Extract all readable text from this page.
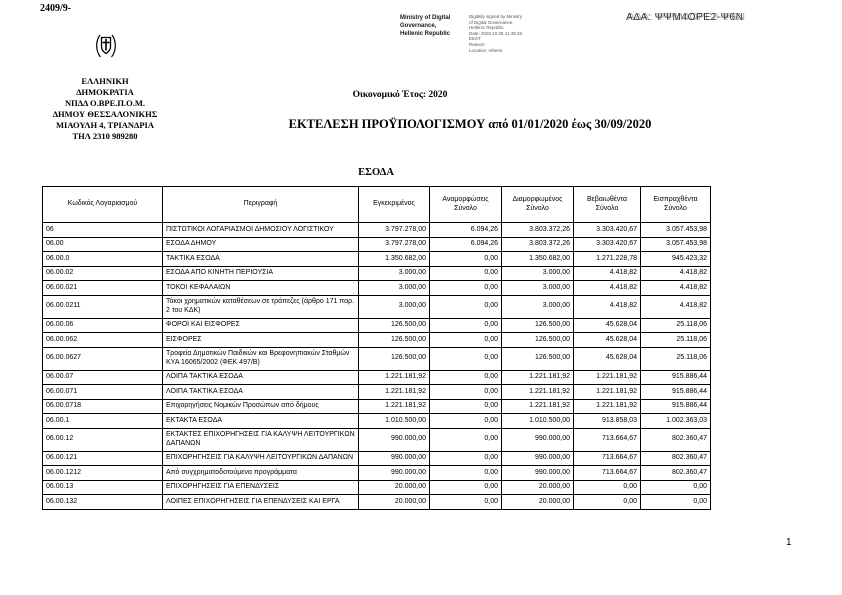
2409/9-
ΑΔΑ: ΨΨΜ4ΟΡΕ2-Ψ6Ν
Ministry of Digital
Governance,
Hellenic Republic
Digitally signed by Ministry
of Digital Governance,
Hellenic Republic
Date: 2020.10.05 11:48:33
EEST
Reason:
Location: Athens
ΕΛΛΗΝΙΚΗ
ΔΗΜΟΚΡΑΤΙΑ
ΝΠΔΔ Ο.ΒΡΕ.Π.Ο.Μ.
ΔΗΜΟΥ ΘΕΣΣΑΛΟΝΙΚΗΣ
ΜΙΑΟΥΛΗ 4, ΤΡΙΑΝΔΡΙΑ
ΤΗΛ 2310 989280
Οικονομικό Έτος: 2020
ΕΚΤΕΛΕΣΗ ΠΡΟΫΠΟΛΟΓΙΣΜΟΥ από 01/01/2020 έως 30/09/2020
ΕΣΟΔΑ
Κωδικός Λογαριασμού	Περιγραφή	Εγκεκριμένος	Αναμορφώσεις Σύνολο	Διαμορφωμένος Σύνολο	Βεβαιωθέντα Σύνολο	Εισπραχθέντα Σύνολο
06	ΠΙΣΤΩΤΙΚΟΙ ΛΟΓΑΡΙΑΣΜΟΙ ΔΗΜΟΣΙΟΥ ΛΟΓΙΣΤΙΚΟΥ	3.797.278,00	6.094,26	3.803.372,26	3.303.420,67	3.057.453,98
06.00	ΕΣΟΔΑ ΔΗΜΟΥ	3.797.278,00	6.094,26	3.803.372,26	3.303.420,67	3.057.453,98
06.00.0	ΤΑΚΤΙΚΑ ΕΣΟΔΑ	1.350.682,00	0,00	1.350.682,00	1.271.228,78	945.423,32
06.00.02	ΕΣΟΔΑ ΑΠΟ ΚΙΝΗΤΗ ΠΕΡΙΟΥΣΙΑ	3.000,00	0,00	3.000,00	4.418,82	4.418,82
06.00.021	ΤΟΚΟΙ ΚΕΦΑΛΑΙΩΝ	3.000,00	0,00	3.000,00	4.418,82	4.418,82
06.00.0211	Τόκοι χρηματικών καταθέσεων σε τράπεζες (άρθρο 171 παρ. 2 του ΚΔΚ)	3.000,00	0,00	3.000,00	4.418,82	4.418,82
06.00.06	ΦΟΡΟΙ ΚΑΙ ΕΙΣΦΟΡΕΣ	126.500,00	0,00	126.500,00	45.628,04	25.118,06
06.00.062	ΕΙΣΦΟΡΕΣ	126.500,00	0,00	126.500,00	45.628,04	25.118,06
06.00.0627	Τροφεία Δημοτικών Παιδικών και Βρεφονηπιακών Σταθμών ΚΥΑ 16065/2002 (ΦΕΚ 497/Β)	126.500,00	0,00	126.500,00	45.628,04	25.118,06
06.00.07	ΛΟΙΠΑ ΤΑΚΤΙΚΑ ΕΣΟΔΑ	1.221.181,92	0,00	1.221.181,92	1.221.181,92	915.886,44
06.00.071	ΛΟΙΠΑ ΤΑΚΤΙΚΑ ΕΣΟΔΑ	1.221.181,92	0,00	1.221.181,92	1.221.181,92	915.886,44
06.00.0718	Επιχορηγήσεις Νομικών Προσώπων από δήμους	1.221.181,92	0,00	1.221.181,92	1.221.181,92	915.886,44
06.00.1	ΕΚΤΑΚΤΑ ΕΣΟΔΑ	1.010.500,00	0,00	1.010.500,00	913.858,03	1.002.363,03
06.00.12	ΕΚΤΑΚΤΕΣ ΕΠΙΧΟΡΗΓΗΣΕΙΣ ΓΙΑ ΚΑΛΥΨΗ ΛΕΙΤΟΥΡΓΙΚΩΝ ΔΑΠΑΝΩΝ	990.000,00	0,00	990.000,00	713.664,67	802.360,47
06.00.121	ΕΠΙΧΟΡΗΓΗΣΕΙΣ ΓΙΑ ΚΑΛΥΨΗ ΛΕΙΤΟΥΡΓΙΚΩΝ ΔΑΠΑΝΩΝ	990.000,00	0,00	990.000,00	713.664,67	802.360,47
06.00.1212	Από συγχρηματοδοτούμενα προγράμματα	990.000,00	0,00	990.000,00	713.664,67	802.360,47
06.00.13	ΕΠΙΧΟΡΗΓΗΣΕΙΣ ΓΙΑ ΕΠΕΝΔΥΣΕΙΣ	20.000,00	0,00	20.000,00	0,00	0,00
06.00.132	ΛΟΙΠΕΣ ΕΠΙΧΟΡΗΓΗΣΕΙΣ ΓΙΑ ΕΠΕΝΔΥΣΕΙΣ ΚΑΙ ΕΡΓΑ	20.000,00	0,00	20.000,00	0,00	0,00
1
